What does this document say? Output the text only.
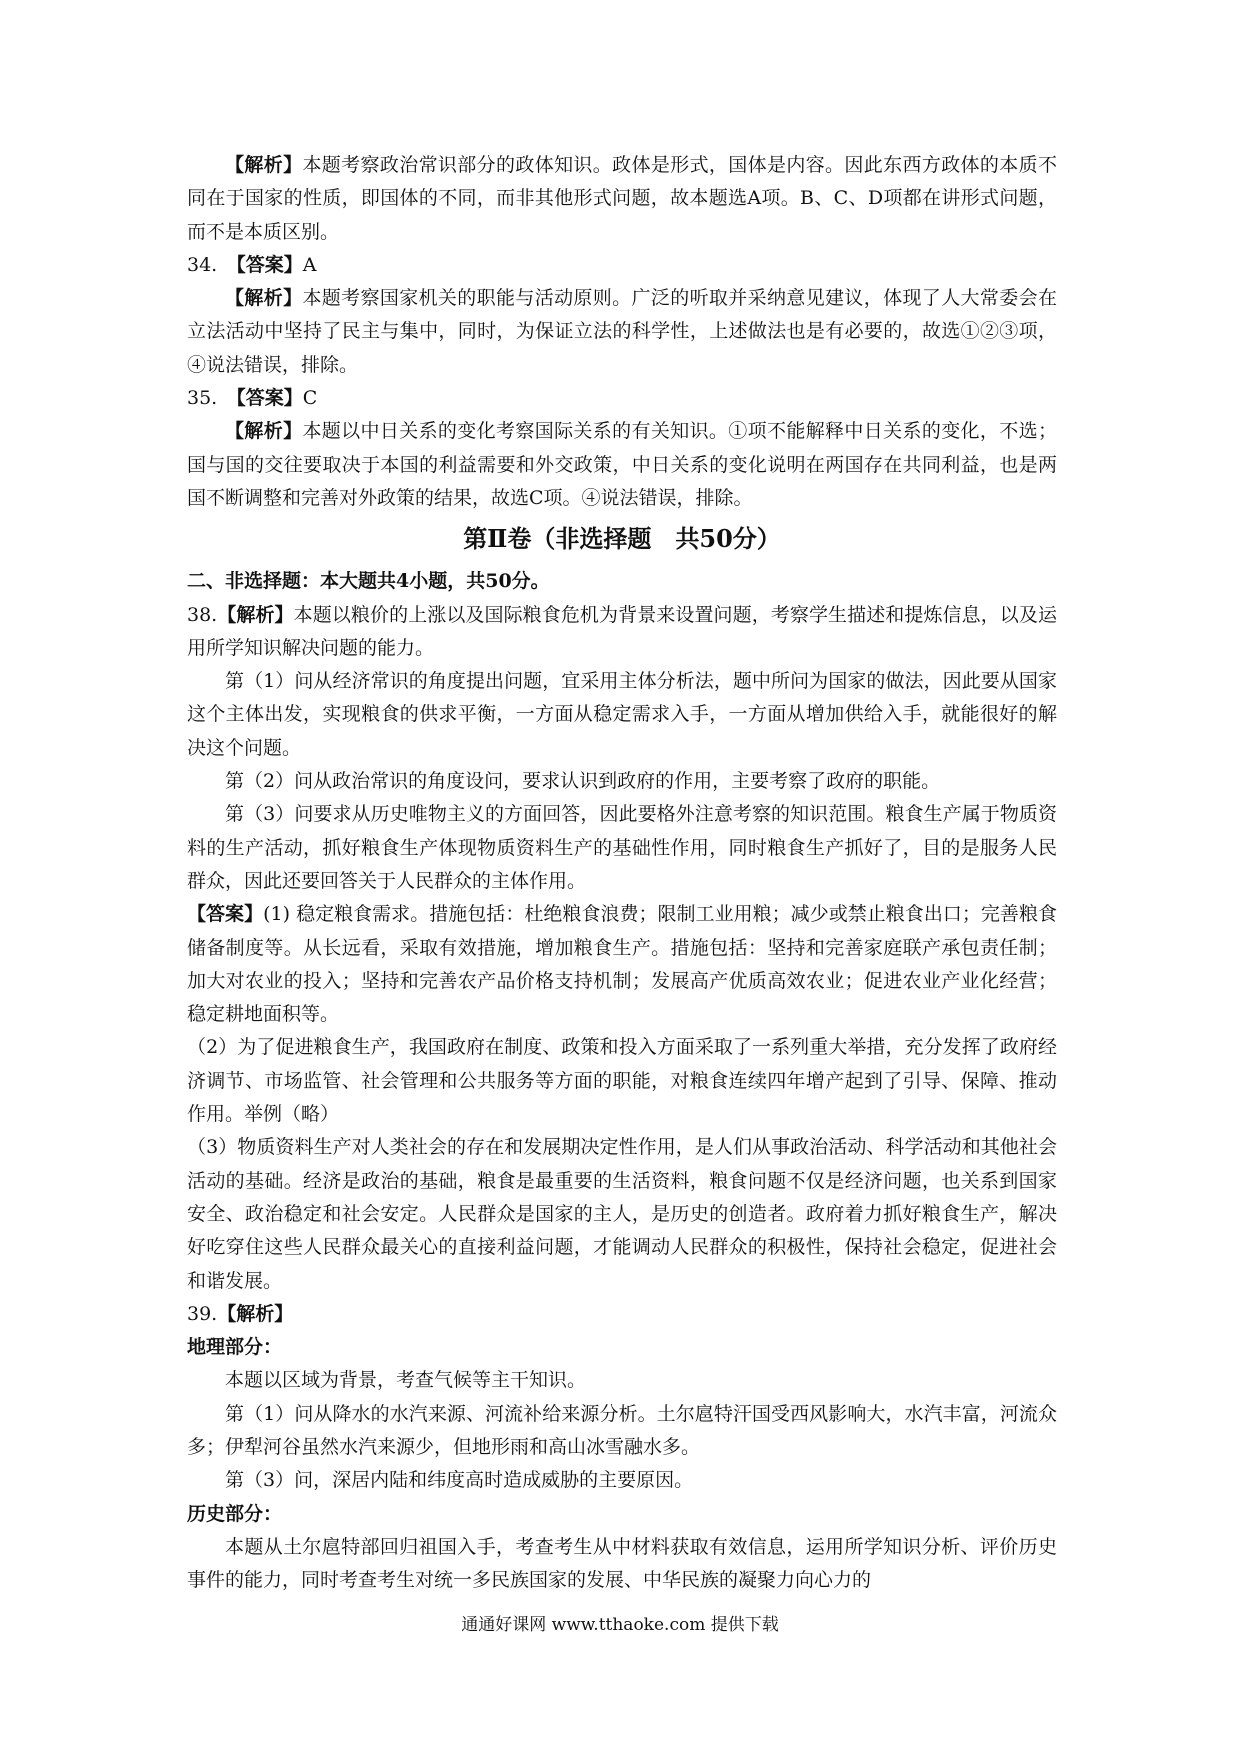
【解析】本题考察政治常识部分的政体知识。政体是形式，国体是内容。因此东西方政体的本质不同在于国家的性质，即国体的不同，而非其他形式问题，故本题选A项。B、C、D项都在讲形式问题，而不是本质区别。

34.　 【答案】A

【解析】本题考察国家机关的职能与活动原则。广泛的听取并采纳意见建议，体现了人大常委会在立法活动中坚持了民主与集中，同时，为保证立法的科学性，上述做法也是有必要的，故选①②③项，④说法错误，排除。

35.　 【答案】C

【解析】本题以中日关系的变化考察国际关系的有关知识。①项不能解释中日关系的变化，不选；国与国的交往要取决于本国的利益需要和外交政策，中日关系的变化说明在两国存在共同利益，也是两国不断调整和完善对外政策的结果，故选C项。④说法错误，排除。

第Ⅱ卷（非选择题　共50分）

二、非选择题：本大题共4小题，共50分。

38.【解析】本题以粮价的上涨以及国际粮食危机为背景来设置问题，考察学生描述和提炼信息，以及运用所学知识解决问题的能力。

第（1）问从经济常识的角度提出问题，宜采用主体分析法，题中所问为国家的做法，因此要从国家这个主体出发，实现粮食的供求平衡，一方面从稳定需求入手，一方面从增加供给入手，就能很好的解决这个问题。

第（2）问从政治常识的角度设问，要求认识到政府的作用，主要考察了政府的职能。

第（3）问要求从历史唯物主义的方面回答，因此要格外注意考察的知识范围。粮食生产属于物质资料的生产活动，抓好粮食生产体现物质资料生产的基础性作用，同时粮食生产抓好了，目的是服务人民群众，因此还要回答关于人民群众的主体作用。

【答案】(1) 稳定粮食需求。措施包括：杜绝粮食浪费；限制工业用粮；减少或禁止粮食出口；完善粮食储备制度等。从长远看，采取有效措施，增加粮食生产。措施包括：坚持和完善家庭联产承包责任制；加大对农业的投入；坚持和完善农产品价格支持机制；发展高产优质高效农业；促进农业产业化经营；稳定耕地面积等。

（2）为了促进粮食生产，我国政府在制度、政策和投入方面采取了一系列重大举措，充分发挥了政府经济调节、市场监管、社会管理和公共服务等方面的职能，对粮食连续四年增产起到了引导、保障、推动作用。举例（略）

（3）物质资料生产对人类社会的存在和发展期决定性作用，是人们从事政治活动、科学活动和其他社会活动的基础。经济是政治的基础，粮食是最重要的生活资料，粮食问题不仅是经济问题，也关系到国家安全、政治稳定和社会安定。人民群众是国家的主人，是历史的创造者。政府着力抓好粮食生产，解决好吃穿住这些人民群众最关心的直接利益问题，才能调动人民群众的积极性，保持社会稳定，促进社会和谐发展。

39.【解析】

地理部分：

本题以区域为背景，考查气候等主干知识。

第（1）问从降水的水汽来源、河流补给来源分析。土尔扈特汗国受西风影响大，水汽丰富，河流众多；伊犁河谷虽然水汽来源少，但地形雨和高山冰雪融水多。

第（3）问，深居内陆和纬度高时造成威胁的主要原因。

历史部分：

本题从土尔扈特部回归祖国入手，考查考生从中材料获取有效信息，运用所学知识分析、评价历史事件的能力，同时考查考生对统一多民族国家的发展、中华民族的凝聚力向心力的

通通好课网 www.tthaoke.com 提供下载
